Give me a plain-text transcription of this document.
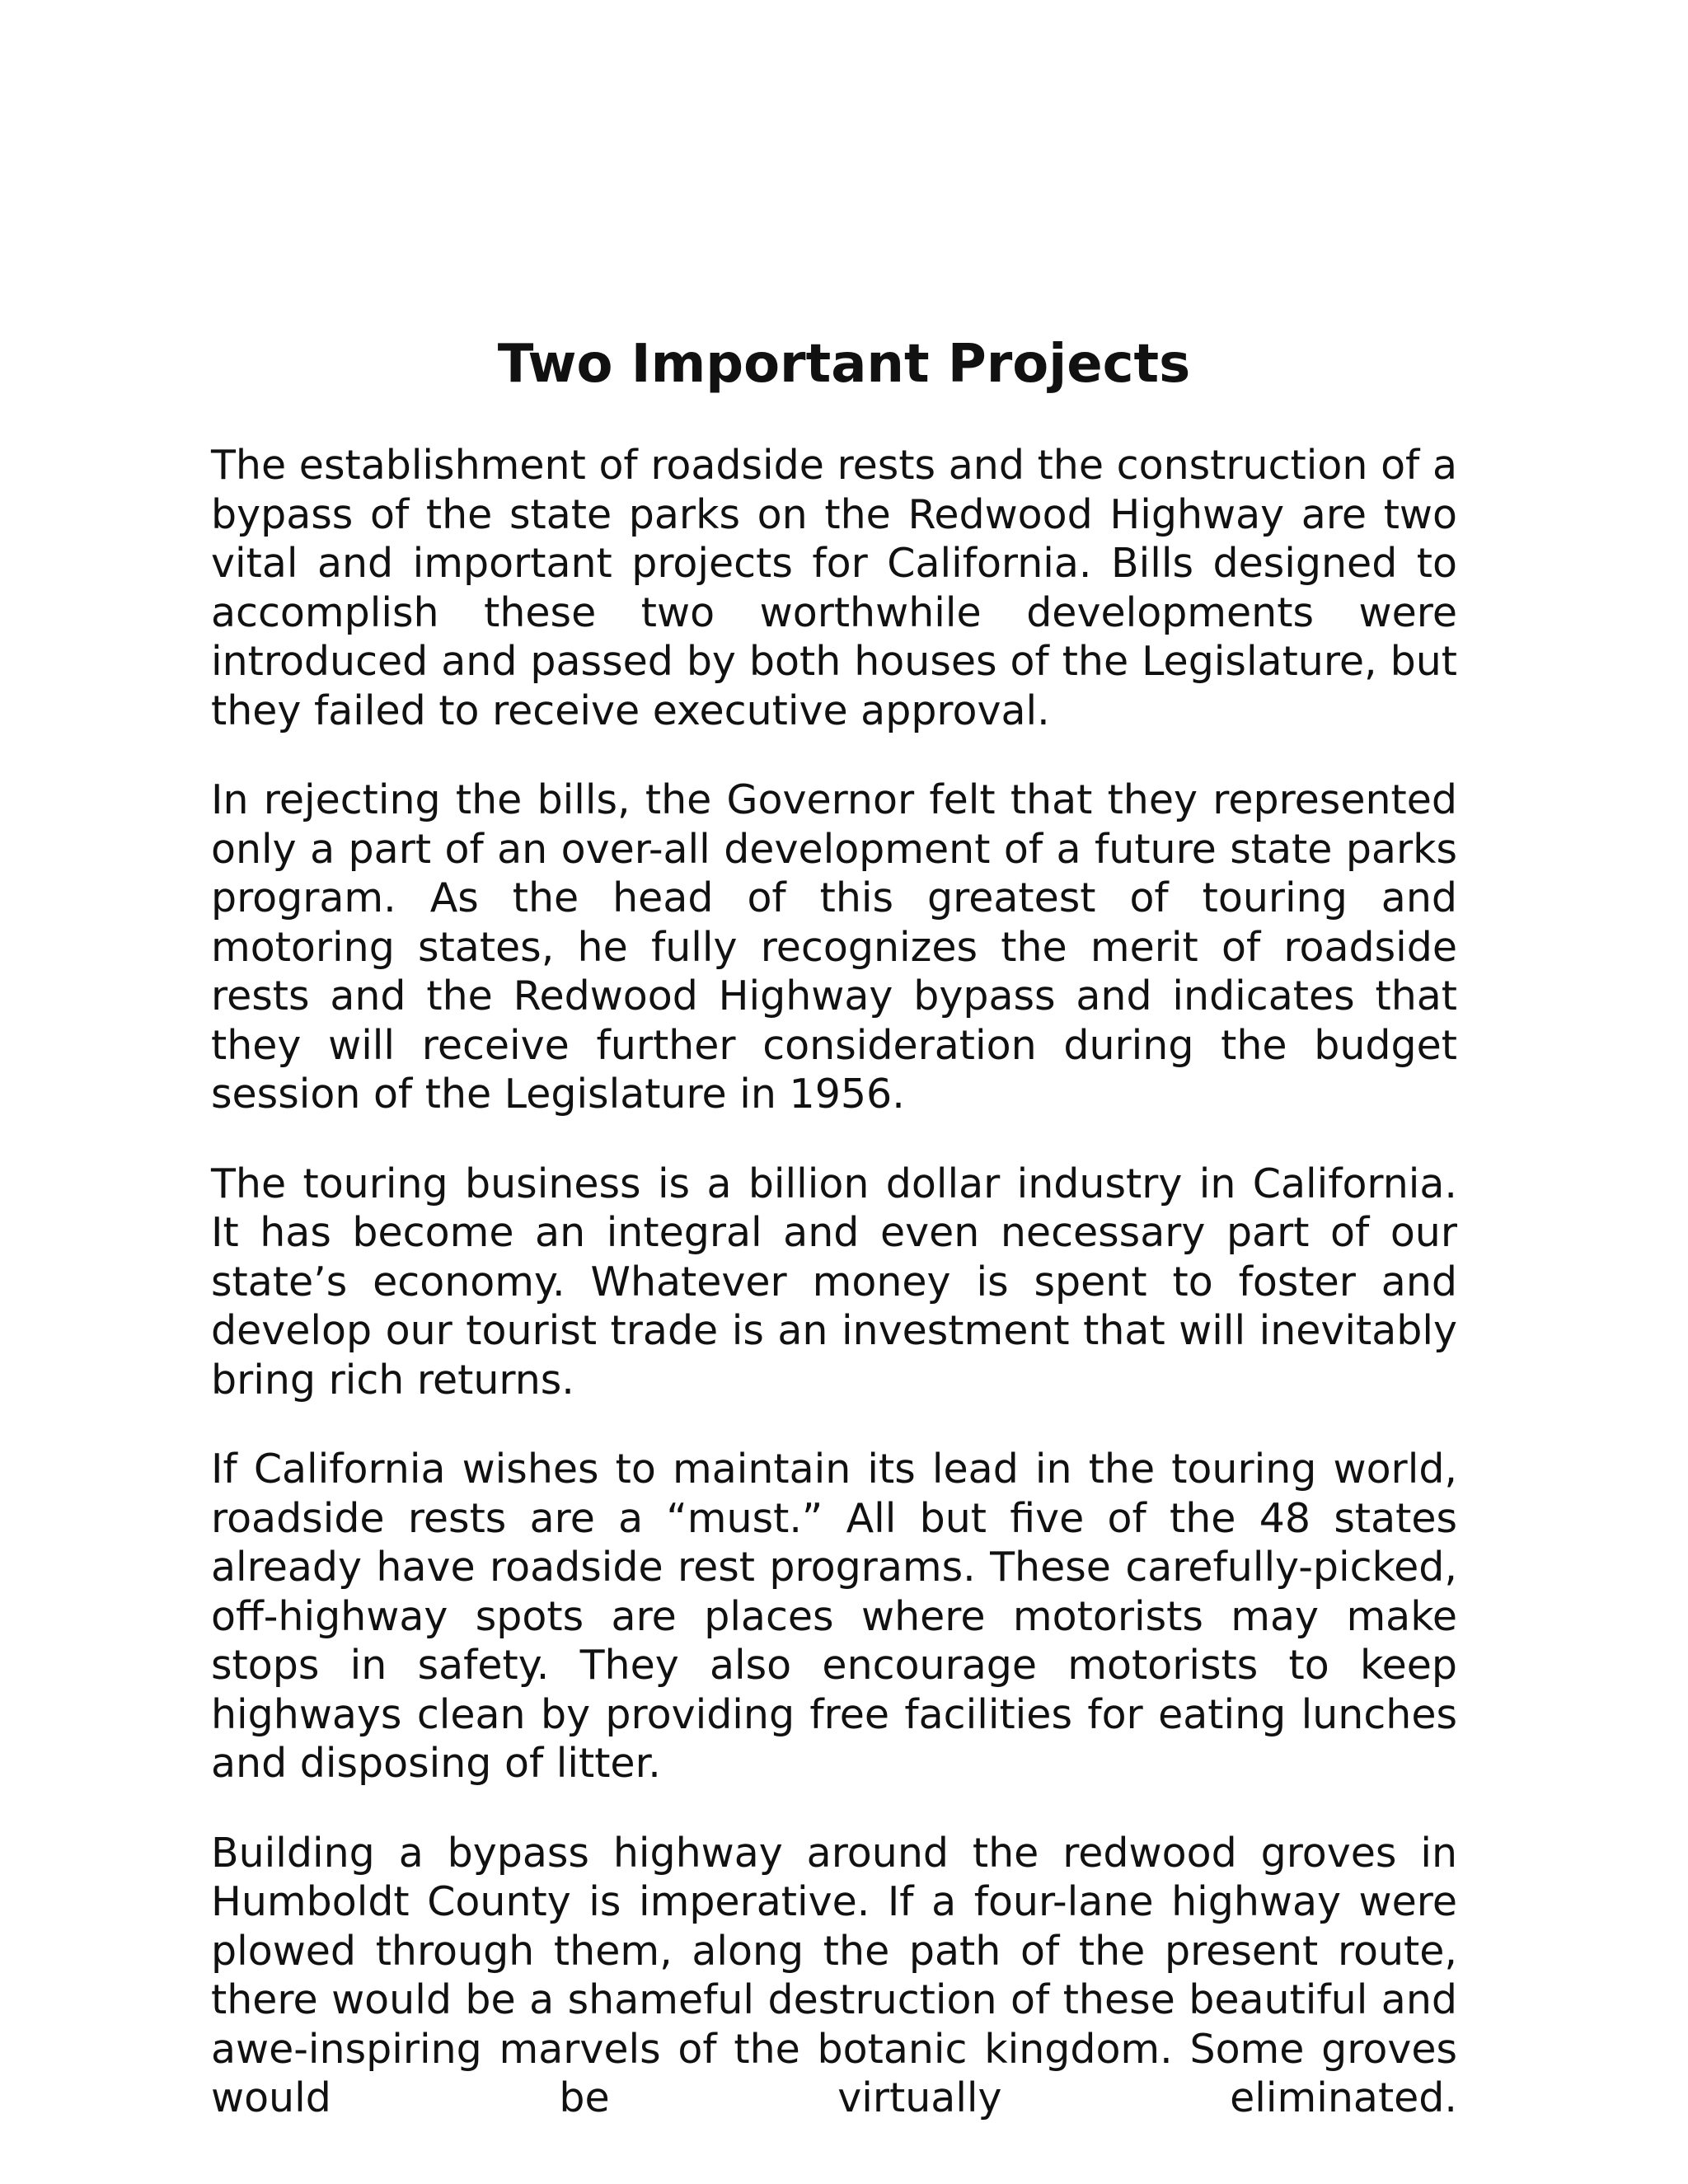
Two Important Projects

The establishment of roadside rests and the construction of a bypass of the state parks on the Redwood Highway are two vital and important projects for California. Bills designed to accomplish these two worthwhile developments were introduced and passed by both houses of the Legislature, but they failed to receive executive approval.

In rejecting the bills, the Governor felt that they represented only a part of an over-all development of a future state parks program. As the head of this greatest of touring and motoring states, he fully recognizes the merit of roadside rests and the Redwood Highway bypass and indicates that they will receive further consideration during the budget session of the Legislature in 1956.

The touring business is a billion dollar industry in California. It has become an integral and even necessary part of our state’s economy. Whatever money is spent to foster and develop our tourist trade is an investment that will inevitably bring rich returns.

If California wishes to maintain its lead in the touring world, roadside rests are a “must.” All but five of the 48 states already have roadside rest programs. These carefully-picked, off-highway spots are places where motorists may make stops in safety. They also encourage motorists to keep highways clean by providing free facilities for eating lunches and disposing of litter.

Building a bypass highway around the redwood groves in Humboldt County is imperative. If a four-lane highway were plowed through them, along the path of the present route, there would be a shameful destruction of these beautiful and awe-inspiring marvels of the botanic kingdom. Some groves would be virtually eliminated.
